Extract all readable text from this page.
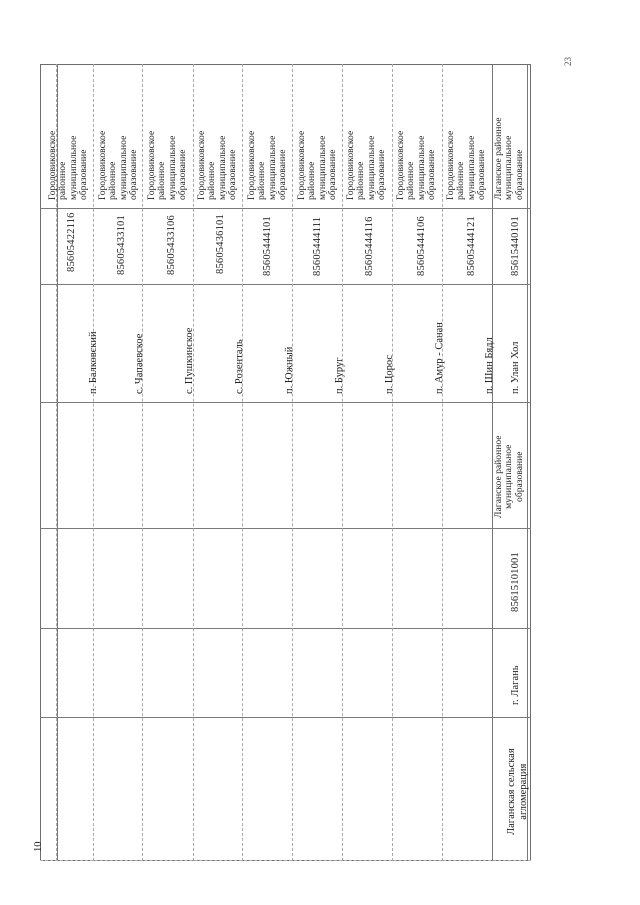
23
10
Лаганская сельская агломерация
г. Лагань
85615101001
Лаганское районное муниципальное образование
п. Балковский
85605422116
Городовиковское районное муниципальное образование
с. Чапаевское
85605433101
Городовиковское районное муниципальное образование
с. Пушкинское
85605433106
Городовиковское районное муниципальное образование
с. Розенталь
85605436101
Городовиковское районное муниципальное образование
п. Южный
85605444101
Городовиковское районное муниципальное образование
п. Буруг
85605444111
Городовиковское районное муниципальное образование
п. Цорос
85605444116
Городовиковское районное муниципальное образование
п. Амур - Санан
85605444106
Городовиковское районное муниципальное образование
п. Шин Бядл
85605444121
Городовиковское районное муниципальное образование
п. Улан Хол
85615440101
Лаганское районное муниципальное образование
